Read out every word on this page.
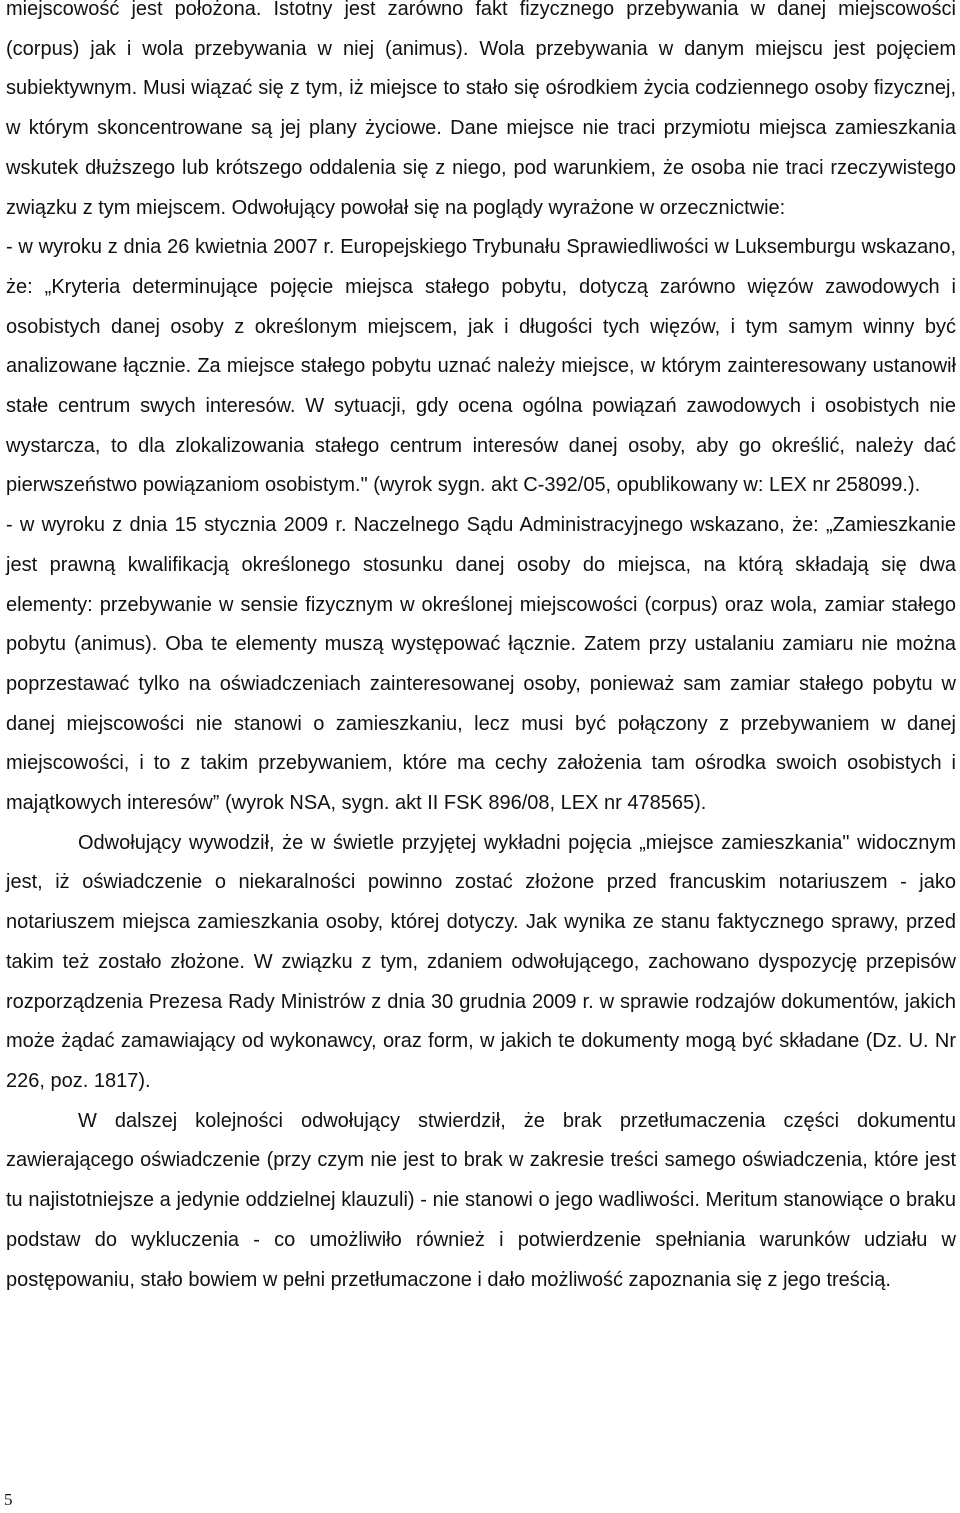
miejscowość jest położona. Istotny jest zarówno fakt fizycznego przebywania w danej miejscowości (corpus) jak i wola przebywania w niej (animus). Wola przebywania w danym miejscu jest pojęciem subiektywnym. Musi wiązać się z tym, iż miejsce to stało się ośrodkiem życia codziennego osoby fizycznej, w którym skoncentrowane są jej plany życiowe. Dane miejsce nie traci przymiotu miejsca zamieszkania wskutek dłuższego lub krótszego oddalenia się z niego, pod warunkiem, że osoba nie traci rzeczywistego związku z tym miejscem. Odwołujący powołał się na poglądy wyrażone w orzecznictwie:

- w wyroku z dnia 26 kwietnia 2007 r. Europejskiego Trybunału Sprawiedliwości w Luksemburgu wskazano, że: „Kryteria determinujące pojęcie miejsca stałego pobytu, dotyczą zarówno więzów zawodowych i osobistych danej osoby z określonym miejscem, jak i długości tych więzów, i tym samym winny być analizowane łącznie. Za miejsce stałego pobytu uznać należy miejsce, w którym zainteresowany ustanowił stałe centrum swych interesów. W sytuacji, gdy ocena ogólna powiązań zawodowych i osobistych nie wystarcza, to dla zlokalizowania stałego centrum interesów danej osoby, aby go określić, należy dać pierwszeństwo powiązaniom osobistym." (wyrok sygn. akt C-392/05, opublikowany w: LEX nr 258099.).

- w wyroku z dnia 15 stycznia 2009 r. Naczelnego Sądu Administracyjnego wskazano, że: „Zamieszkanie jest prawną kwalifikacją określonego stosunku danej osoby do miejsca, na którą składają się dwa elementy: przebywanie w sensie fizycznym w określonej miejscowości (corpus) oraz wola, zamiar stałego pobytu (animus). Oba te elementy muszą występować łącznie. Zatem przy ustalaniu zamiaru nie można poprzestawać tylko na oświadczeniach zainteresowanej osoby, ponieważ sam zamiar stałego pobytu w danej miejscowości nie stanowi o zamieszkaniu, lecz musi być połączony z przebywaniem w danej miejscowości, i to z takim przebywaniem, które ma cechy założenia tam ośrodka swoich osobistych i majątkowych interesów” (wyrok NSA, sygn. akt II FSK 896/08, LEX nr 478565).

Odwołujący wywodził, że w świetle przyjętej wykładni pojęcia „miejsce zamieszkania" widocznym jest, iż oświadczenie o niekaralności powinno zostać złożone przed francuskim notariuszem - jako notariuszem miejsca zamieszkania osoby, której dotyczy. Jak wynika ze stanu faktycznego sprawy, przed takim też zostało złożone. W związku z tym, zdaniem odwołującego, zachowano dyspozycję przepisów rozporządzenia Prezesa Rady Ministrów z dnia 30 grudnia 2009 r. w sprawie rodzajów dokumentów, jakich może żądać zamawiający od wykonawcy, oraz form, w jakich te dokumenty mogą być składane (Dz. U. Nr 226, poz. 1817).

W dalszej kolejności odwołujący stwierdził, że brak przetłumaczenia części dokumentu zawierającego oświadczenie (przy czym nie jest to brak w zakresie treści samego oświadczenia, które jest tu najistotniejsze a jedynie oddzielnej klauzuli) - nie stanowi o jego wadliwości. Meritum stanowiące o braku podstaw do wykluczenia - co umożliwiło również i potwierdzenie spełniania warunków udziału w postępowaniu, stało bowiem w pełni przetłumaczone i dało możliwość zapoznania się z jego treścią.

5
